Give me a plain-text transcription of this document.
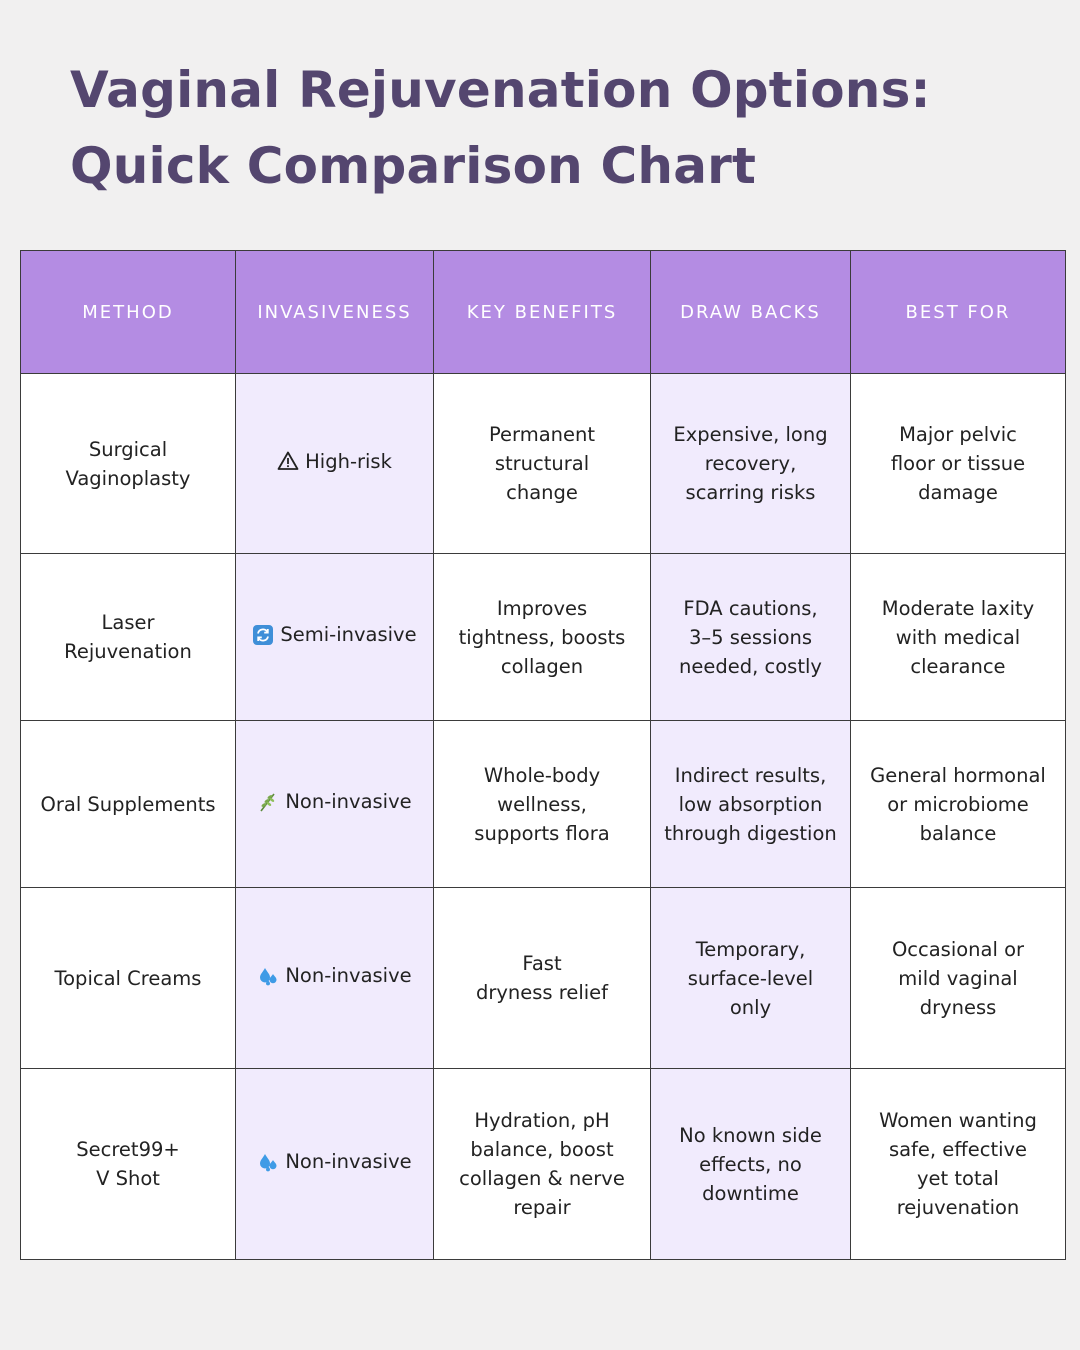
Vaginal Rejuvenation Options:
Quick Comparison Chart
METHOD	INVASIVENESS	KEY BENEFITS	DRAW BACKS	BEST FOR

Surgical
Vaginoplasty	High-risk	Permanent
structural
change	Expensive, long
recovery,
scarring risks	Major pelvic
floor or tissue
damage

Laser
Rejuvenation	Semi-invasive	Improves
tightness, boosts
collagen	FDA cautions,
3–5 sessions
needed, costly	Moderate laxity
with medical
clearance

Oral Supplements	Non-invasive	Whole-body
wellness,
supports flora	Indirect results,
low absorption
through digestion	General hormonal
or microbiome
balance

Topical Creams	Non-invasive	Fast
dryness relief	Temporary,
surface-level
only	Occasional or
mild vaginal
dryness

Secret99+
V Shot	Non-invasive	Hydration, pH
balance, boost
collagen & nerve
repair	No known side
effects, no
downtime	Women wanting
safe, effective
yet total
rejuvenation
